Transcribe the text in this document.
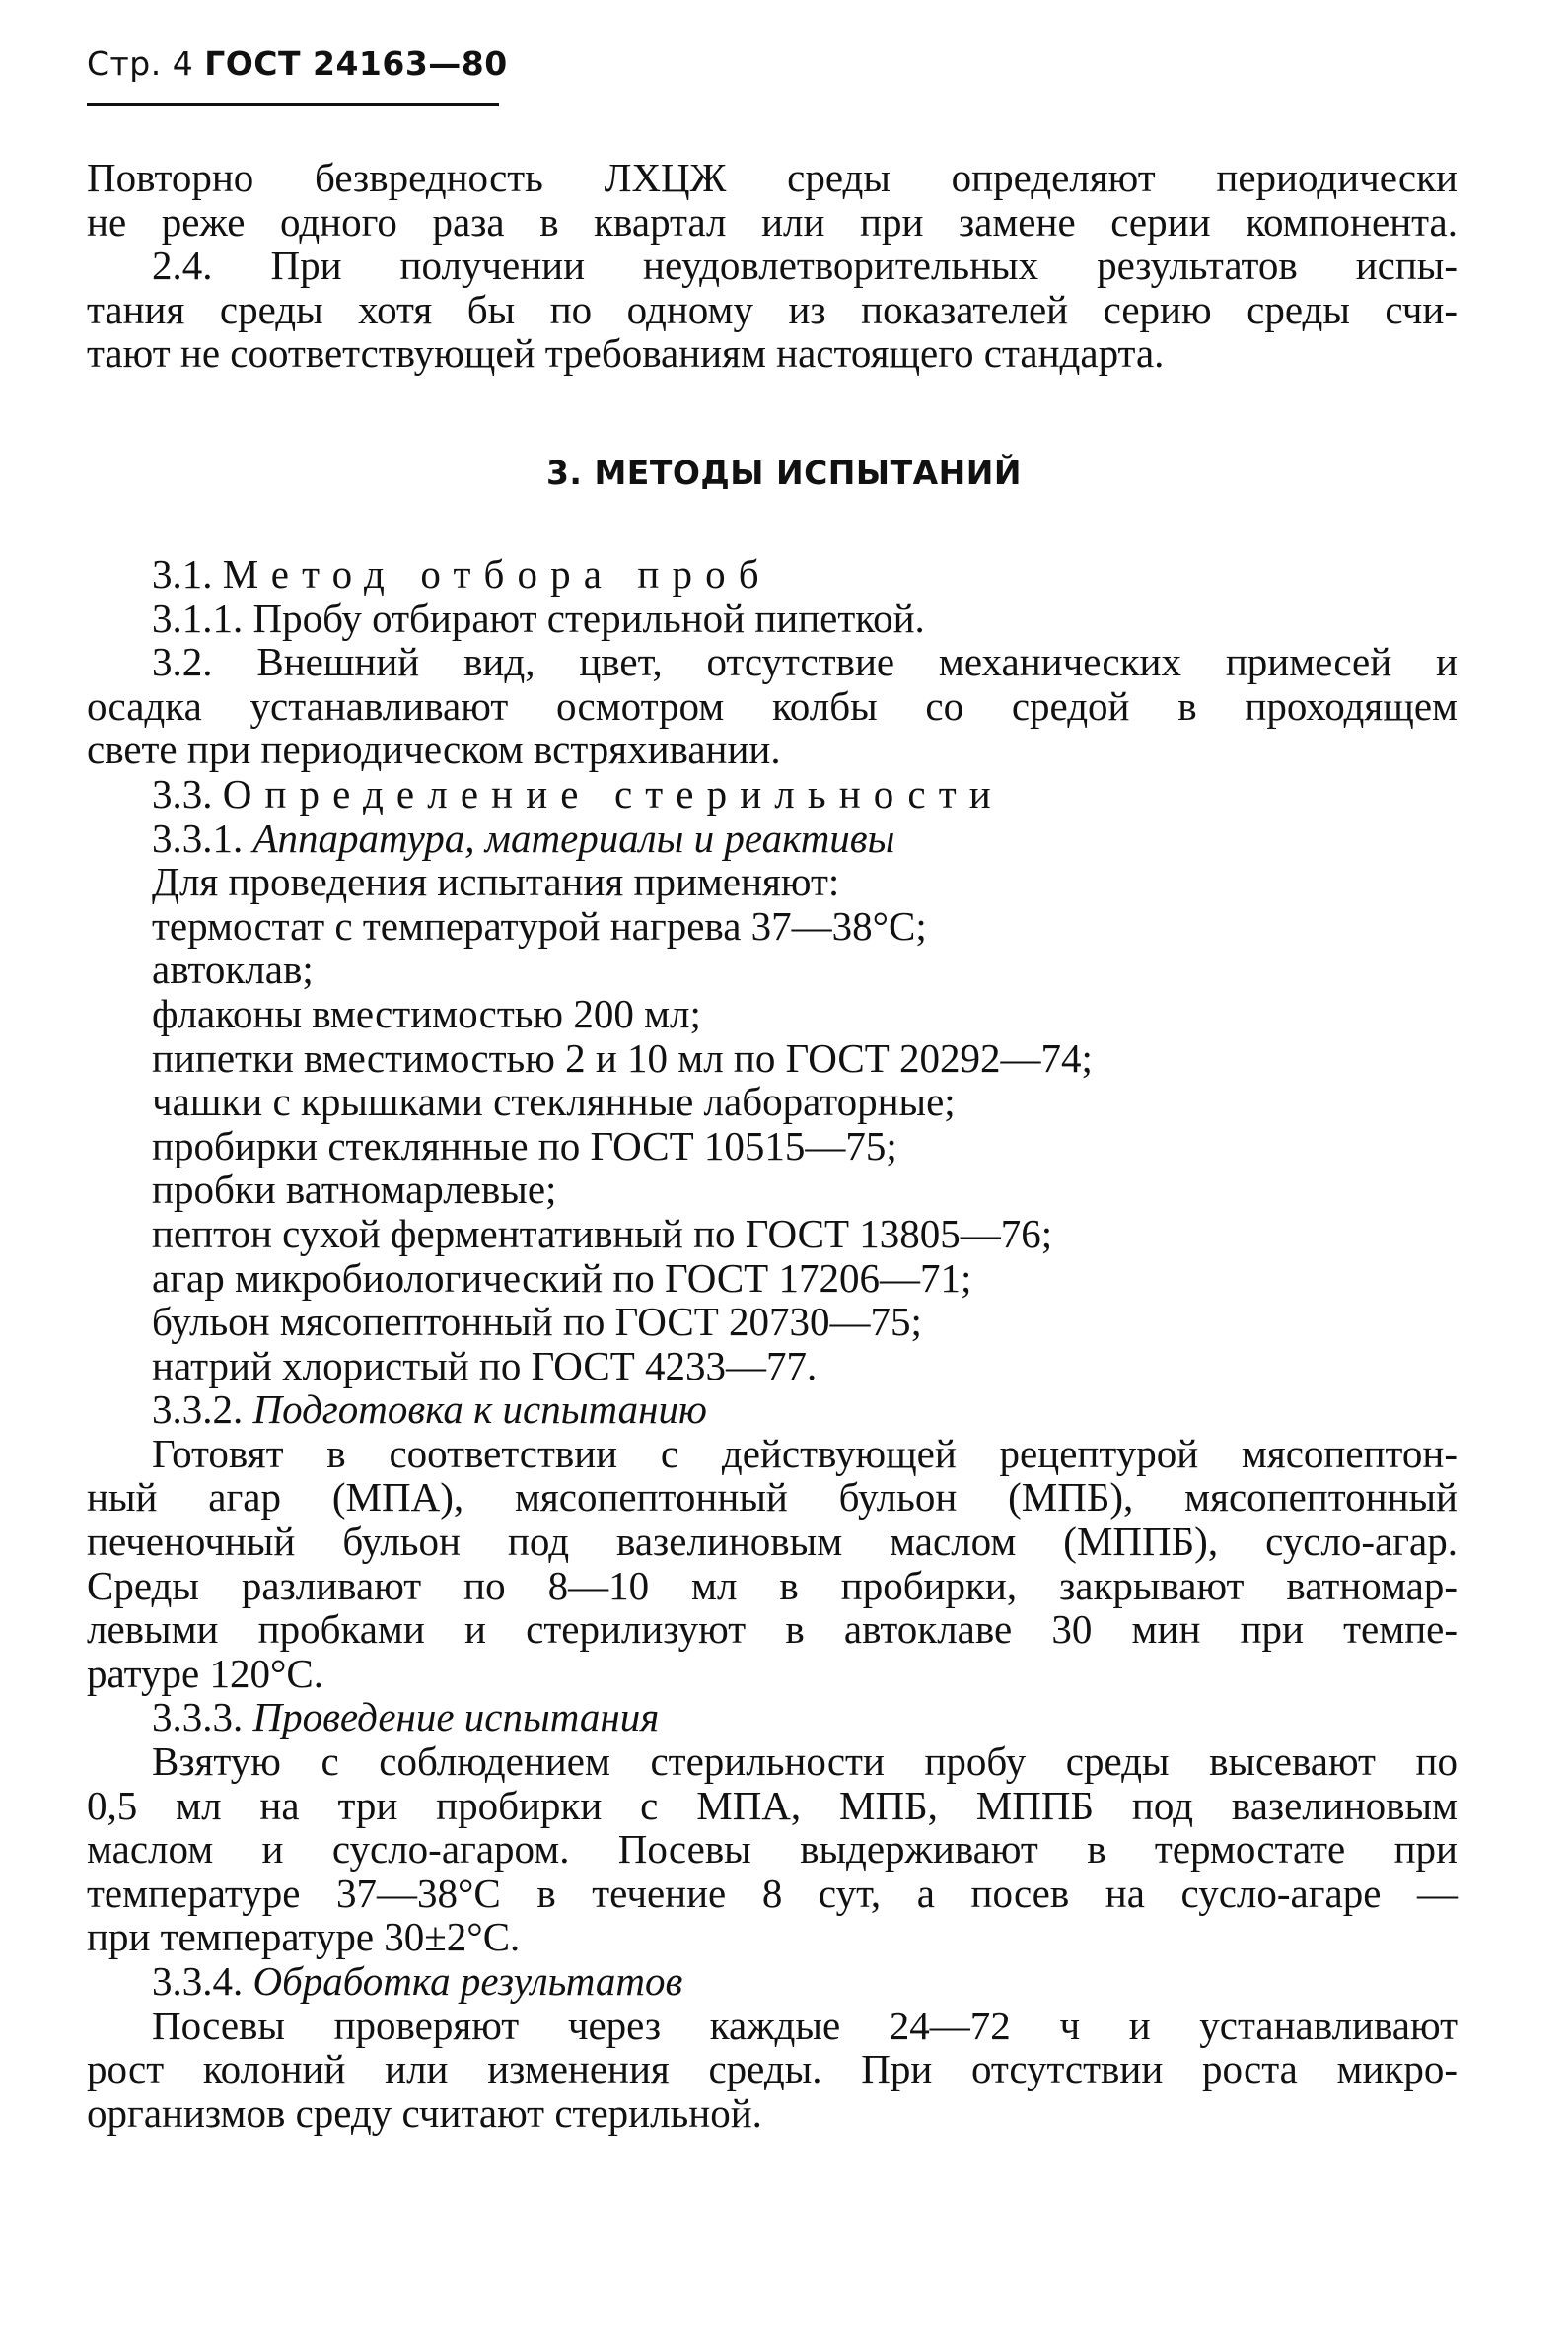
Стр. 4 ГОСТ 24163—80
Повторно безвредность ЛХЦЖ среды определяют периодически
не реже одного раза в квартал или при замене серии компонента.
2.4. При получении неудовлетворительных результатов испы-
тания среды хотя бы по одному из показателей серию среды счи-
тают не соответствующей требованиям настоящего стандарта.
3. МЕТОДЫ ИСПЫТАНИЙ
3.1. Метод отбора проб
3.1.1. Пробу отбирают стерильной пипеткой.
3.2. Внешний вид, цвет, отсутствие механических примесей и
осадка устанавливают осмотром колбы со средой в проходящем
свете при периодическом встряхивании.
3.3. Определение стерильности
3.3.1. Аппаратура, материалы и реактивы
Для проведения испытания применяют:
термостат с температурой нагрева 37—38°С;
автоклав;
флаконы вместимостью 200 мл;
пипетки вместимостью 2 и 10 мл по ГОСТ 20292—74;
чашки с крышками стеклянные лабораторные;
пробирки стеклянные по ГОСТ 10515—75;
пробки ватномарлевые;
пептон сухой ферментативный по ГОСТ 13805—76;
агар микробиологический по ГОСТ 17206—71;
бульон мясопептонный по ГОСТ 20730—75;
натрий хлористый по ГОСТ 4233—77.
3.3.2. Подготовка к испытанию
Готовят в соответствии с действующей рецептурой мясопептон-
ный агар (МПА), мясопептонный бульон (МПБ), мясопептонный
печеночный бульон под вазелиновым маслом (МППБ), сусло-агар.
Среды разливают по 8—10 мл в пробирки, закрывают ватномар-
левыми пробками и стерилизуют в автоклаве 30 мин при темпе-
ратуре 120°С.
3.3.3. Проведение испытания
Взятую с соблюдением стерильности пробу среды высевают по
0,5 мл на три пробирки с МПА, МПБ, МППБ под вазелиновым
маслом и сусло-агаром. Посевы выдерживают в термостате при
температуре 37—38°С в течение 8 сут, а посев на сусло-агаре —
при температуре 30±2°С.
3.3.4. Обработка результатов
Посевы проверяют через каждые 24—72 ч и устанавливают
рост колоний или изменения среды. При отсутствии роста микро-
организмов среду считают стерильной.
